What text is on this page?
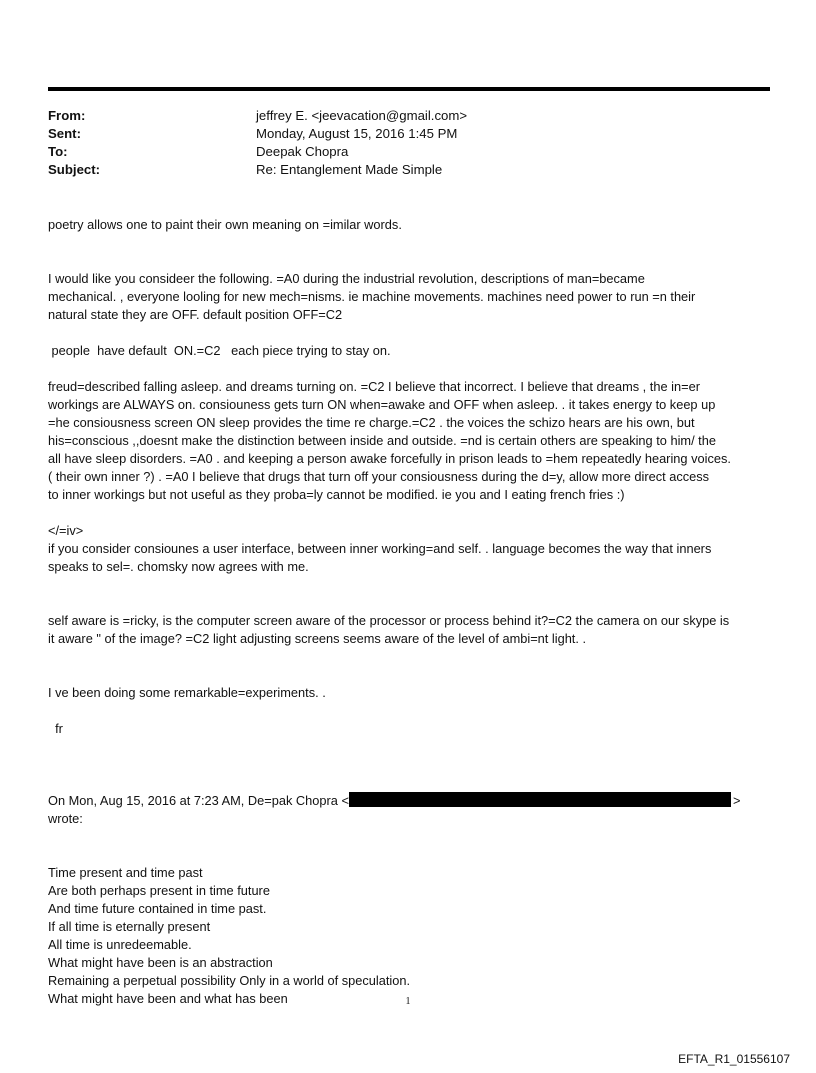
From:	jeffrey E. <jeevacation@gmail.com>
Sent:	Monday, August 15, 2016 1:45 PM
To:	Deepak Chopra
Subject:	Re: Entanglement Made Simple

poetry allows one to paint their own meaning on =imilar words.

I would like you consideer the following. =A0 during the industrial revolution, descriptions of man=became

mechanical. , everyone looling for new mech=nisms. ie machine movements. machines need power to run =n their

natural state they are OFF. default position OFF=C2

people  have default  ON.=C2   each piece trying to stay on.

freud=described falling asleep. and dreams turning on. =C2 I believe that incorrect. I believe that dreams , the in=er

workings are ALWAYS on. consiouness gets turn ON when=awake and OFF when asleep. . it takes energy to keep up

=he consiousness screen ON sleep provides the time re charge.=C2 . the voices the schizo hears are his own, but

his=conscious ,,doesnt make the distinction between inside and outside. =nd is certain others are speaking to him/ the

all have sleep disorders. =A0 . and keeping a person awake forcefully in prison leads to =hem repeatedly hearing voices.

( their own inner ?) . =A0 I believe that drugs that turn off your consiousness during the d=y, allow more direct access

to inner workings but not useful as they proba=ly cannot be modified. ie you and I eating french fries :)

</=iv>

if you consider consiounes a user interface, between inner working=and self. . language becomes the way that inners

speaks to sel=. chomsky now agrees with me.

self aware is =ricky, is the computer screen aware of the processor or process behind it?=C2 the camera on our skype is

it aware " of the image? =C2 light adjusting screens seems aware of the level of ambi=nt light. .

I ve been doing some remarkable=experiments. .

fr

On Mon, Aug 15, 2016 at 7:23 AM, De=pak Chopra <	>

wrote:

Time present and time past

Are both perhaps present in time future

And time future contained in time past.

If all time is eternally present

All time is unredeemable.

What might have been is an abstraction

Remaining a perpetual possibility Only in a world of speculation.

What might have been and what has been	1
EFTA_R1_01556107
